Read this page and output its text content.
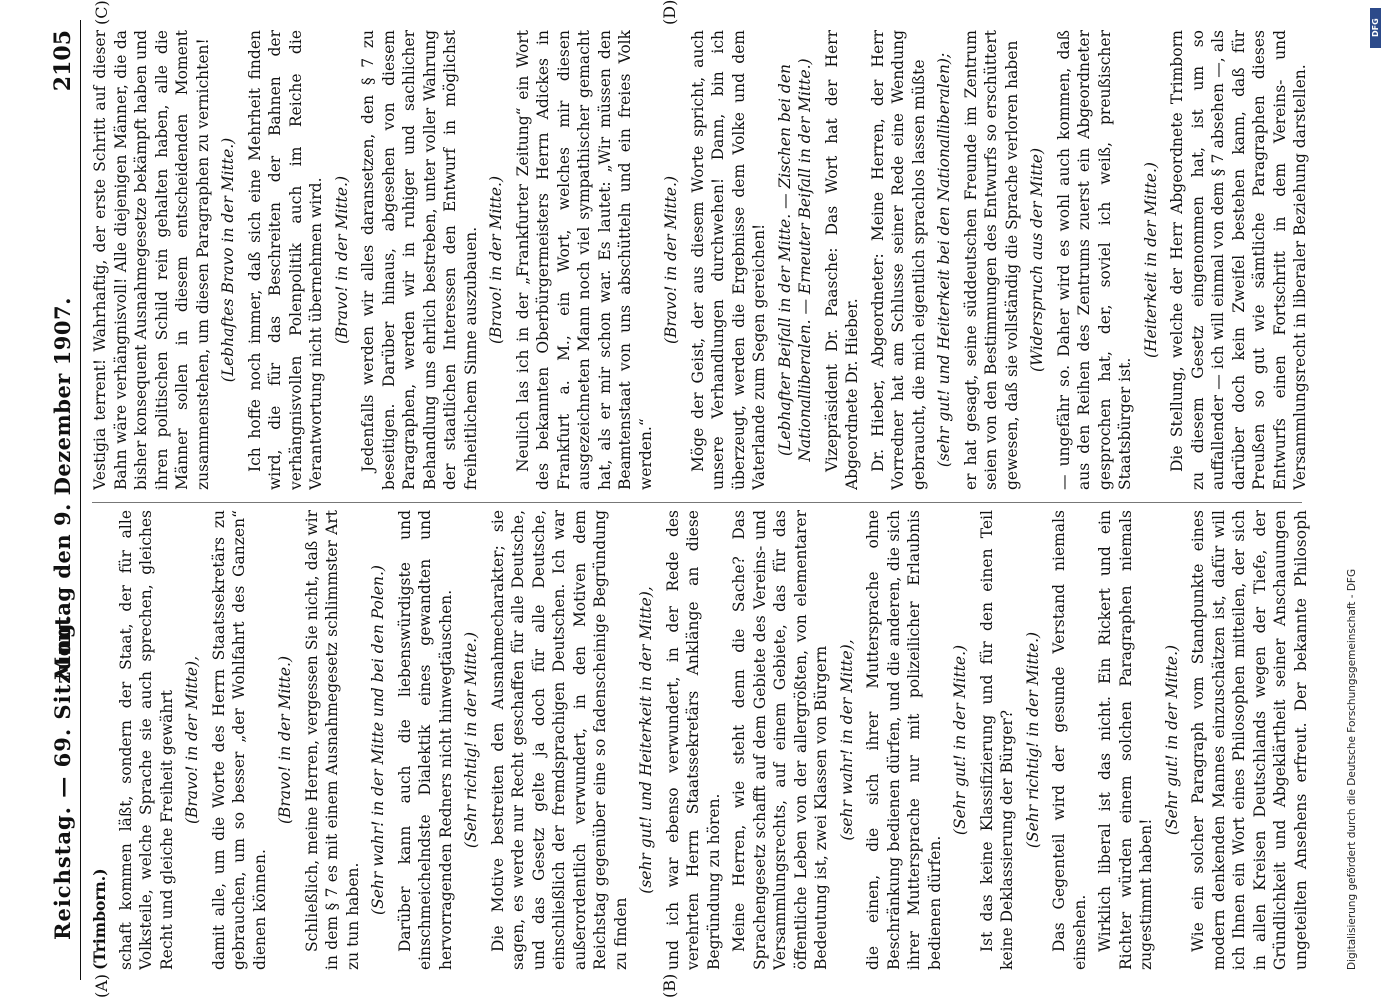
Reichstag. — 69. Sitzung.
Montag den 9. Dezember 1907.
2105
(A)	(B)
(C)	(D)

(Trimborn.) schaft kommen läßt, sondern der Staat, der für alle Volksteile, welche Sprache sie auch sprechen, gleiches Recht und gleiche Freiheit gewährt (Bravo! in der Mitte), damit alle, um die Worte des Herrn Staatssekretärs zu gebrauchen, um so besser „der Wohlfahrt des Ganzen“ dienen können.

(Bravo! in der Mitte.) Schließlich, meine Herren, vergessen Sie nicht, daß wir in dem § 7 es mit einem Ausnahmegesetz schlimmster Art zu tun haben.

(Sehr wahr! in der Mitte und bei den Polen.) Darüber kann auch die liebenswürdigste und einschmeichelndste Dialektik eines gewandten und hervorragenden Redners nicht hinwegtäuschen. (Sehr richtig! in der Mitte.) Die Motive bestreiten den Ausnahmecharakter; sie sagen, es werde nur Recht geschaffen für alle Deutsche, und das Gesetz gelte ja doch für alle Deutsche, einschließlich der fremdsprachigen Deutschen. Ich war außerordentlich verwundert, in den Motiven dem Reichstag gegenüber eine so fadenscheinige Begründung zu finden

(sehr gut! und Heiterkeit in der Mitte), und ich war ebenso verwundert, in der Rede des verehrten Herrn Staatssekretärs Anklänge an diese Begründung zu hören. Meine Herren, wie steht denn die Sache? Das Sprachengesetz schafft auf dem Gebiete des Vereins- und Versammlungsrechts, auf einem Gebiete, das für das öffentliche Leben von der allergrößten, von elementarer Bedeutung ist, zwei Klassen von Bürgern (sehr wahr! in der Mitte), die einen, die sich ihrer Muttersprache ohne Beschränkung bedienen dürfen, und die anderen, die sich ihrer Muttersprache nur mit polizeilicher Erlaubnis bedienen dürfen.

(Sehr gut! in der Mitte.) Ist das keine Klassifizierung und für den einen Teil keine Deklassierung der Bürger? (Sehr richtig! in der Mitte.) Das Gegenteil wird der gesunde Verstand niemals einsehen. Wirklich liberal ist das nicht. Ein Rickert und ein Richter würden einem solchen Paragraphen niemals zugestimmt haben!

(Sehr gut! in der Mitte.)

Wie ein solcher Paragraph vom Standpunkte eines modern denkenden Mannes einzuschätzen ist, dafür will ich Ihnen ein Wort eines Philosophen mitteilen, der sich in allen Kreisen Deutschlands wegen der Tiefe, der Gründlichkeit und Abgeklärtheit seiner Anschauungen ungeteilten Ansehens erfreut. Der bekannte Philosoph

Vestigia terrent! Wahrhaftig, der erste Schritt auf dieser Bahn wäre verhängnisvoll! Alle diejenigen Männer, die da bisher konsequent Ausnahmegesetze bekämpft haben und ihren politischen Schild rein gehalten haben, alle die Männer sollen in diesem entscheidenden Moment zusammenstehen, um diesen Paragraphen zu vernichten! (Lebhaftes Bravo in der Mitte.) Ich hoffe noch immer, daß sich eine Mehrheit finden wird, die für das Beschreiten der Bahnen der verhängnisvollen Polenpolitik auch im Reiche die Verantwortung nicht übernehmen wird. (Bravo! in der Mitte.) Jedenfalls werden wir alles daransetzen, den § 7 zu beseitigen. Darüber hinaus, abgesehen von diesem Paragraphen, werden wir in ruhiger und sachlicher Behandlung uns ehrlich bestreben, unter voller Wahrung der staatlichen Interessen den Entwurf in möglichst freiheitlichem Sinne auszubauen. (Bravo! in der Mitte.) Neulich las ich in der „Frankfurter Zeitung“ ein Wort des bekannten Oberbürgermeisters Herrn Adickes in Frankfurt a. M., ein Wort, welches mir diesen ausgezeichneten Mann noch viel sympathischer gemacht hat, als er mir schon war. Es lautet: „Wir müssen den Beamtenstaat von uns abschütteln und ein freies Volk werden.“

(Bravo! in der Mitte.) Möge der Geist, der aus diesem Worte spricht, auch unsere Verhandlungen durchwehen! Dann, bin ich überzeugt, werden die Ergebnisse dem Volke und dem Vaterlande zum Segen gereichen! (Lebhafter Beifall in der Mitte. — Zischen bei den Nationalliberalen. — Erneuter Beifall in der Mitte.) Vizepräsident Dr. Paasche: Das Wort hat der Herr Abgeordnete Dr. Hieber. Dr. Hieber, Abgeordneter: Meine Herren, der Herr Vorredner hat am Schlusse seiner Rede eine Wendung gebraucht, die mich eigentlich sprachlos lassen müßte (sehr gut! und Heiterkeit bei den Nationalliberalen); er hat gesagt, seine süddeutschen Freunde im Zentrum seien von den Bestimmungen des Entwurfs so erschüttert gewesen, daß sie vollständig die Sprache verloren haben (Widerspruch aus der Mitte) — ungefähr so. Daher wird es wohl auch kommen, daß aus den Reihen des Zentrums zuerst ein Abgeordneter gesprochen hat, der, soviel ich weiß, preußischer Staatsbürger ist.

(Heiterkeit in der Mitte.) Die Stellung, welche der Herr Abgeordnete Trimborn zu diesem Gesetz eingenommen hat, ist um so auffallender — ich will einmal von dem § 7 absehen —, als darüber doch kein Zweifel bestehen kann, daß für Preußen so gut wie sämtliche Paragraphen dieses Entwurfs einen Fortschritt in dem Vereins- und Versammlungsrecht in liberaler Beziehung darstellen.

Digitalisierung gefördert durch die Deutsche Forschungsgemeinschaft - DFG
DFG
